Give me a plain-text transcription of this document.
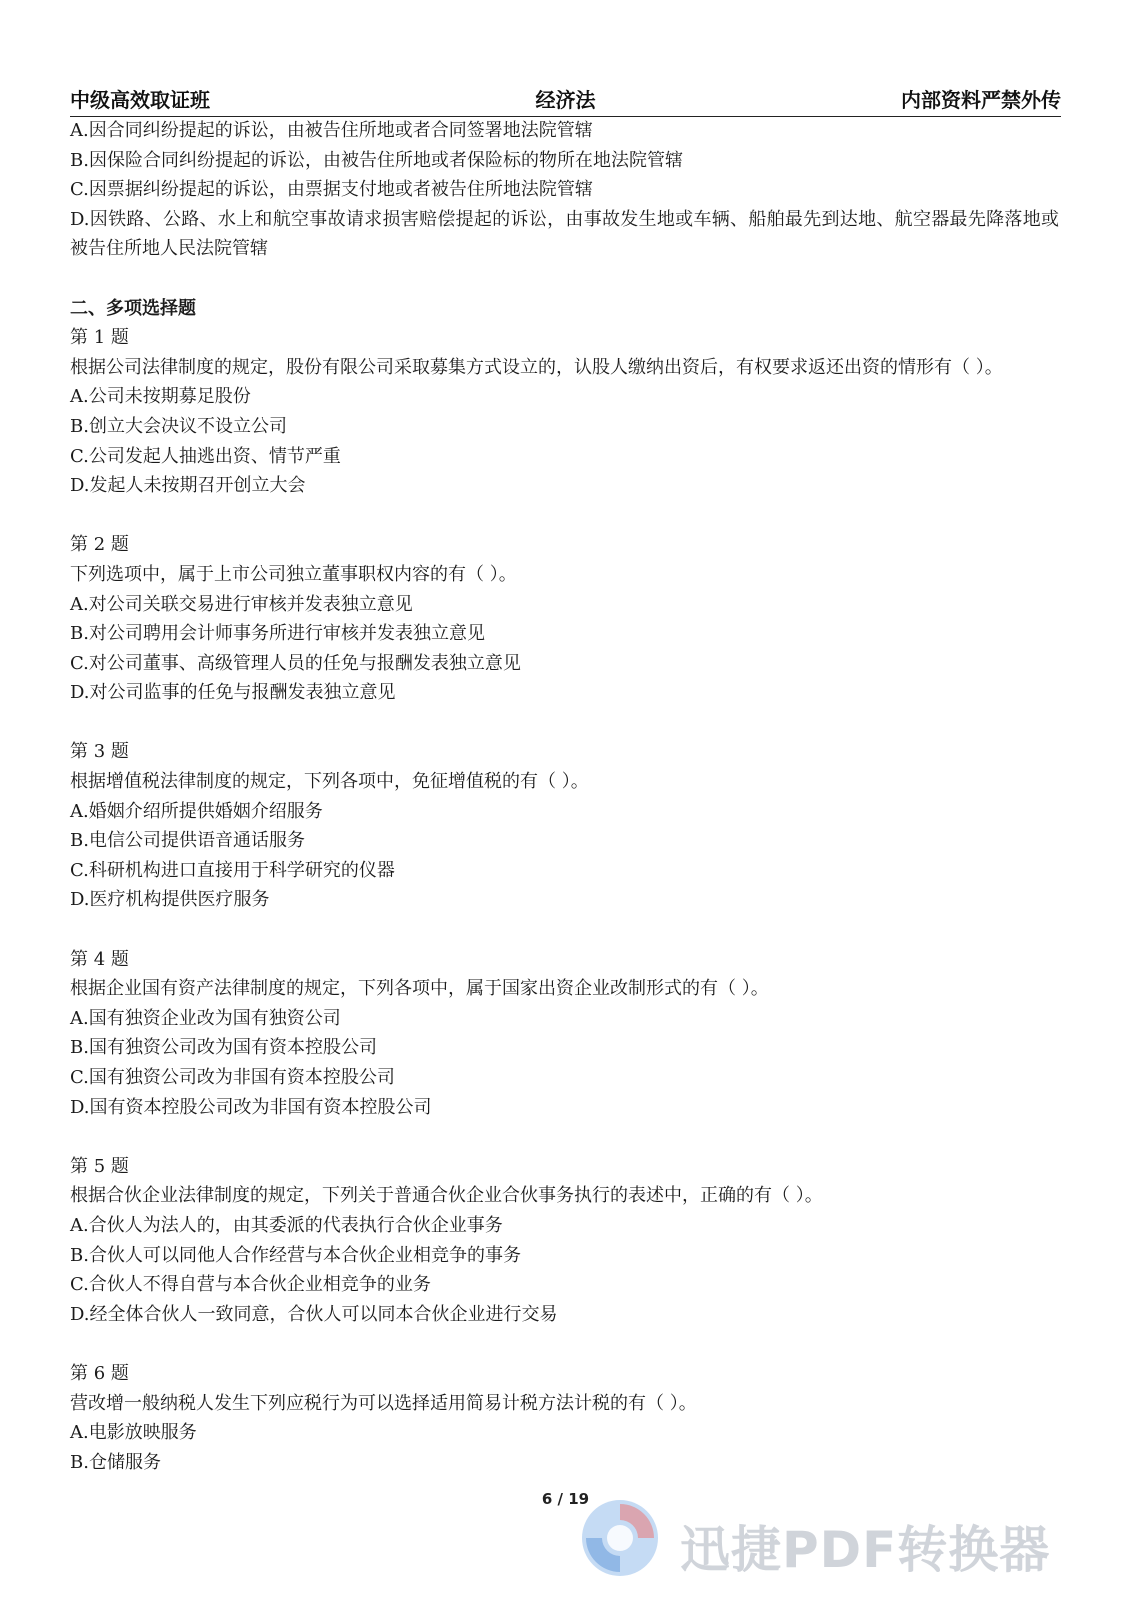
中级高效取证班	经济法	内部资料严禁外传

A.因合同纠纷提起的诉讼，由被告住所地或者合同签署地法院管辖

B.因保险合同纠纷提起的诉讼，由被告住所地或者保险标的物所在地法院管辖

C.因票据纠纷提起的诉讼，由票据支付地或者被告住所地法院管辖

D.因铁路、公路、水上和航空事故请求损害赔偿提起的诉讼，由事故发生地或车辆、船舶最先到达地、航空器最先降落地或被告住所地人民法院管辖

二、多项选择题

第 1 题

根据公司法律制度的规定，股份有限公司采取募集方式设立的，认股人缴纳出资后，有权要求返还出资的情形有（ ）。

A.公司未按期募足股份

B.创立大会决议不设立公司

C.公司发起人抽逃出资、情节严重

D.发起人未按期召开创立大会

第 2 题

下列选项中，属于上市公司独立董事职权内容的有（ ）。

A.对公司关联交易进行审核并发表独立意见

B.对公司聘用会计师事务所进行审核并发表独立意见

C.对公司董事、高级管理人员的任免与报酬发表独立意见

D.对公司监事的任免与报酬发表独立意见

第 3 题

根据增值税法律制度的规定，下列各项中，免征增值税的有（ ）。

A.婚姻介绍所提供婚姻介绍服务

B.电信公司提供语音通话服务

C.科研机构进口直接用于科学研究的仪器

D.医疗机构提供医疗服务

第 4 题

根据企业国有资产法律制度的规定，下列各项中，属于国家出资企业改制形式的有（ ）。

A.国有独资企业改为国有独资公司

B.国有独资公司改为国有资本控股公司

C.国有独资公司改为非国有资本控股公司

D.国有资本控股公司改为非国有资本控股公司

第 5 题

根据合伙企业法律制度的规定，下列关于普通合伙企业合伙事务执行的表述中，正确的有（ ）。

A.合伙人为法人的，由其委派的代表执行合伙企业事务

B.合伙人可以同他人合作经营与本合伙企业相竞争的事务

C.合伙人不得自营与本合伙企业相竞争的业务

D.经全体合伙人一致同意，合伙人可以同本合伙企业进行交易

第 6 题

营改增一般纳税人发生下列应税行为可以选择适用简易计税方法计税的有（ ）。

A.电影放映服务

B.仓储服务

6 / 19
迅捷PDF转换器
